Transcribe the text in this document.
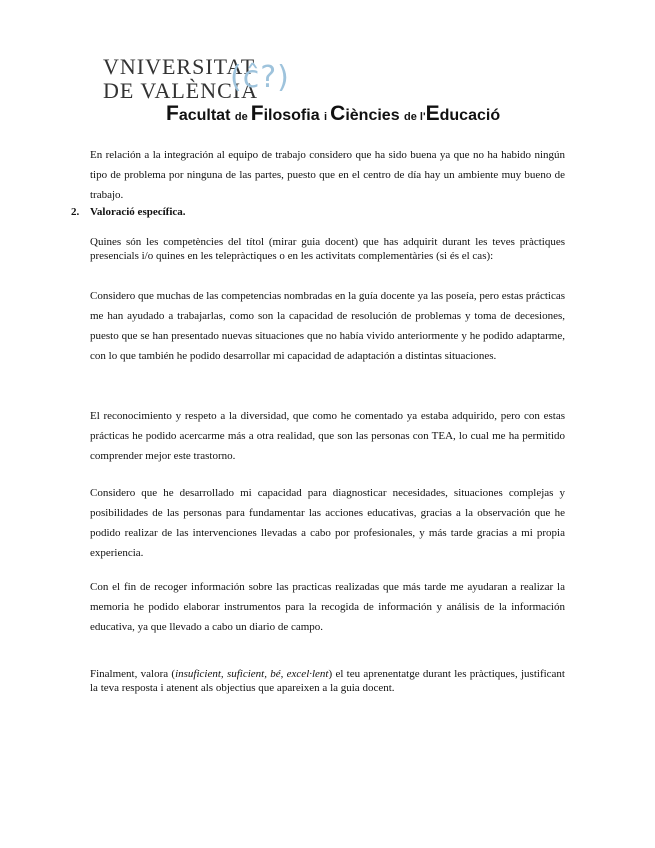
VNIVERSITAT
DE VALÈNCIA
(ĉ?)
Facultat de Filosofia i Ciències de l'Educació
En relación a la integración al equipo de trabajo considero que ha sido buena ya que no ha habido ningún tipo de problema por ninguna de las partes, puesto que en el centro de día hay un ambiente muy bueno de trabajo.
2. Valoració específica.
Quines són les competències del títol (mirar guia docent) que has adquirit durant les teves pràctiques presencials i/o quines en les telepràctiques o en les activitats complementàries (si és el cas):
Considero que muchas de las competencias nombradas en la guía docente ya las poseía, pero estas prácticas me han ayudado a trabajarlas, como son la capacidad de resolución de problemas y toma de decesiones, puesto que se han presentado nuevas situaciones que no había vivido anteriormente y he podido adaptarme, con lo que también he podido desarrollar mi capacidad de adaptación a distintas situaciones.
El reconocimiento y respeto a la diversidad, que como he comentado ya estaba adquirido, pero con estas prácticas he podido acercarme más a otra realidad, que son las personas con TEA, lo cual me ha permitido comprender mejor este trastorno.
Considero que he desarrollado mi capacidad para diagnosticar necesidades, situaciones complejas y posibilidades de las personas para fundamentar las acciones educativas, gracias a la observación que he podido realizar de las intervenciones llevadas a cabo por profesionales, y más tarde gracias a mi propia experiencia.
Con el fin de recoger información sobre las practicas realizadas que más tarde me ayudaran a realizar la memoria he podido elaborar instrumentos para la recogida de información y análisis de la información educativa, ya que llevado a cabo un diario de campo.
Finalment, valora (insuficient, suficient, bé, excel·lent) el teu aprenentatge durant les pràctiques, justificant la teva resposta i atenent als objectius que apareixen a la guia docent.
